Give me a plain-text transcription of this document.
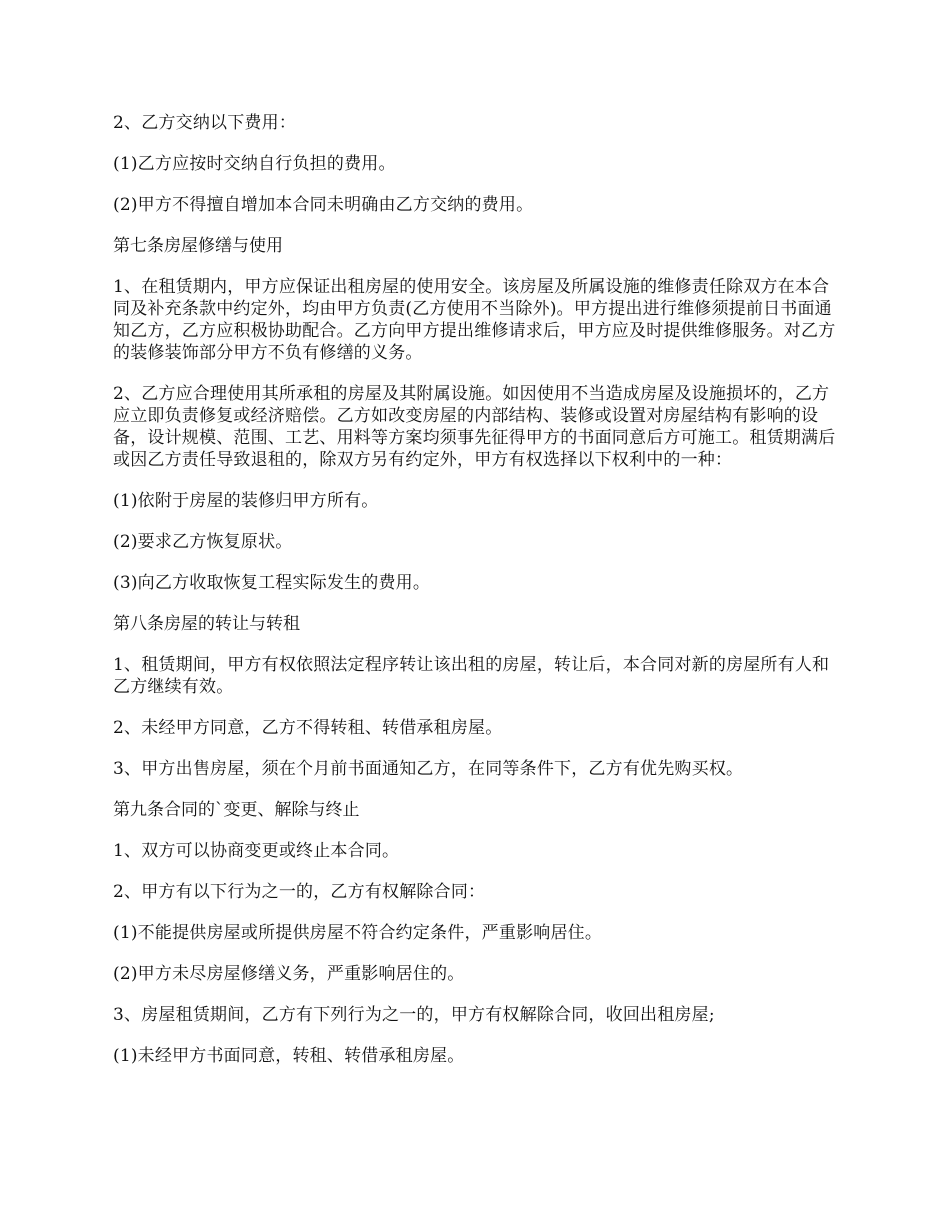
2、乙方交纳以下费用：

(1)乙方应按时交纳自行负担的费用。

(2)甲方不得擅自增加本合同未明确由乙方交纳的费用。

第七条房屋修缮与使用

1、在租赁期内，甲方应保证出租房屋的使用安全。该房屋及所属设施的维修责任除双方在本合同及补充条款中约定外，均由甲方负责(乙方使用不当除外)。甲方提出进行维修须提前日书面通知乙方，乙方应积极协助配合。乙方向甲方提出维修请求后，甲方应及时提供维修服务。对乙方的装修装饰部分甲方不负有修缮的义务。

2、乙方应合理使用其所承租的房屋及其附属设施。如因使用不当造成房屋及设施损坏的，乙方应立即负责修复或经济赔偿。乙方如改变房屋的内部结构、装修或设置对房屋结构有影响的设备，设计规模、范围、工艺、用料等方案均须事先征得甲方的书面同意后方可施工。租赁期满后或因乙方责任导致退租的，除双方另有约定外，甲方有权选择以下权利中的一种：

(1)依附于房屋的装修归甲方所有。

(2)要求乙方恢复原状。

(3)向乙方收取恢复工程实际发生的费用。

第八条房屋的转让与转租

1、租赁期间，甲方有权依照法定程序转让该出租的房屋，转让后，本合同对新的房屋所有人和乙方继续有效。

2、未经甲方同意，乙方不得转租、转借承租房屋。

3、甲方出售房屋，须在个月前书面通知乙方，在同等条件下，乙方有优先购买权。

第九条合同的`变更、解除与终止

1、双方可以协商变更或终止本合同。

2、甲方有以下行为之一的，乙方有权解除合同：

(1)不能提供房屋或所提供房屋不符合约定条件，严重影响居住。

(2)甲方未尽房屋修缮义务，严重影响居住的。

3、房屋租赁期间，乙方有下列行为之一的，甲方有权解除合同，收回出租房屋;

(1)未经甲方书面同意，转租、转借承租房屋。
